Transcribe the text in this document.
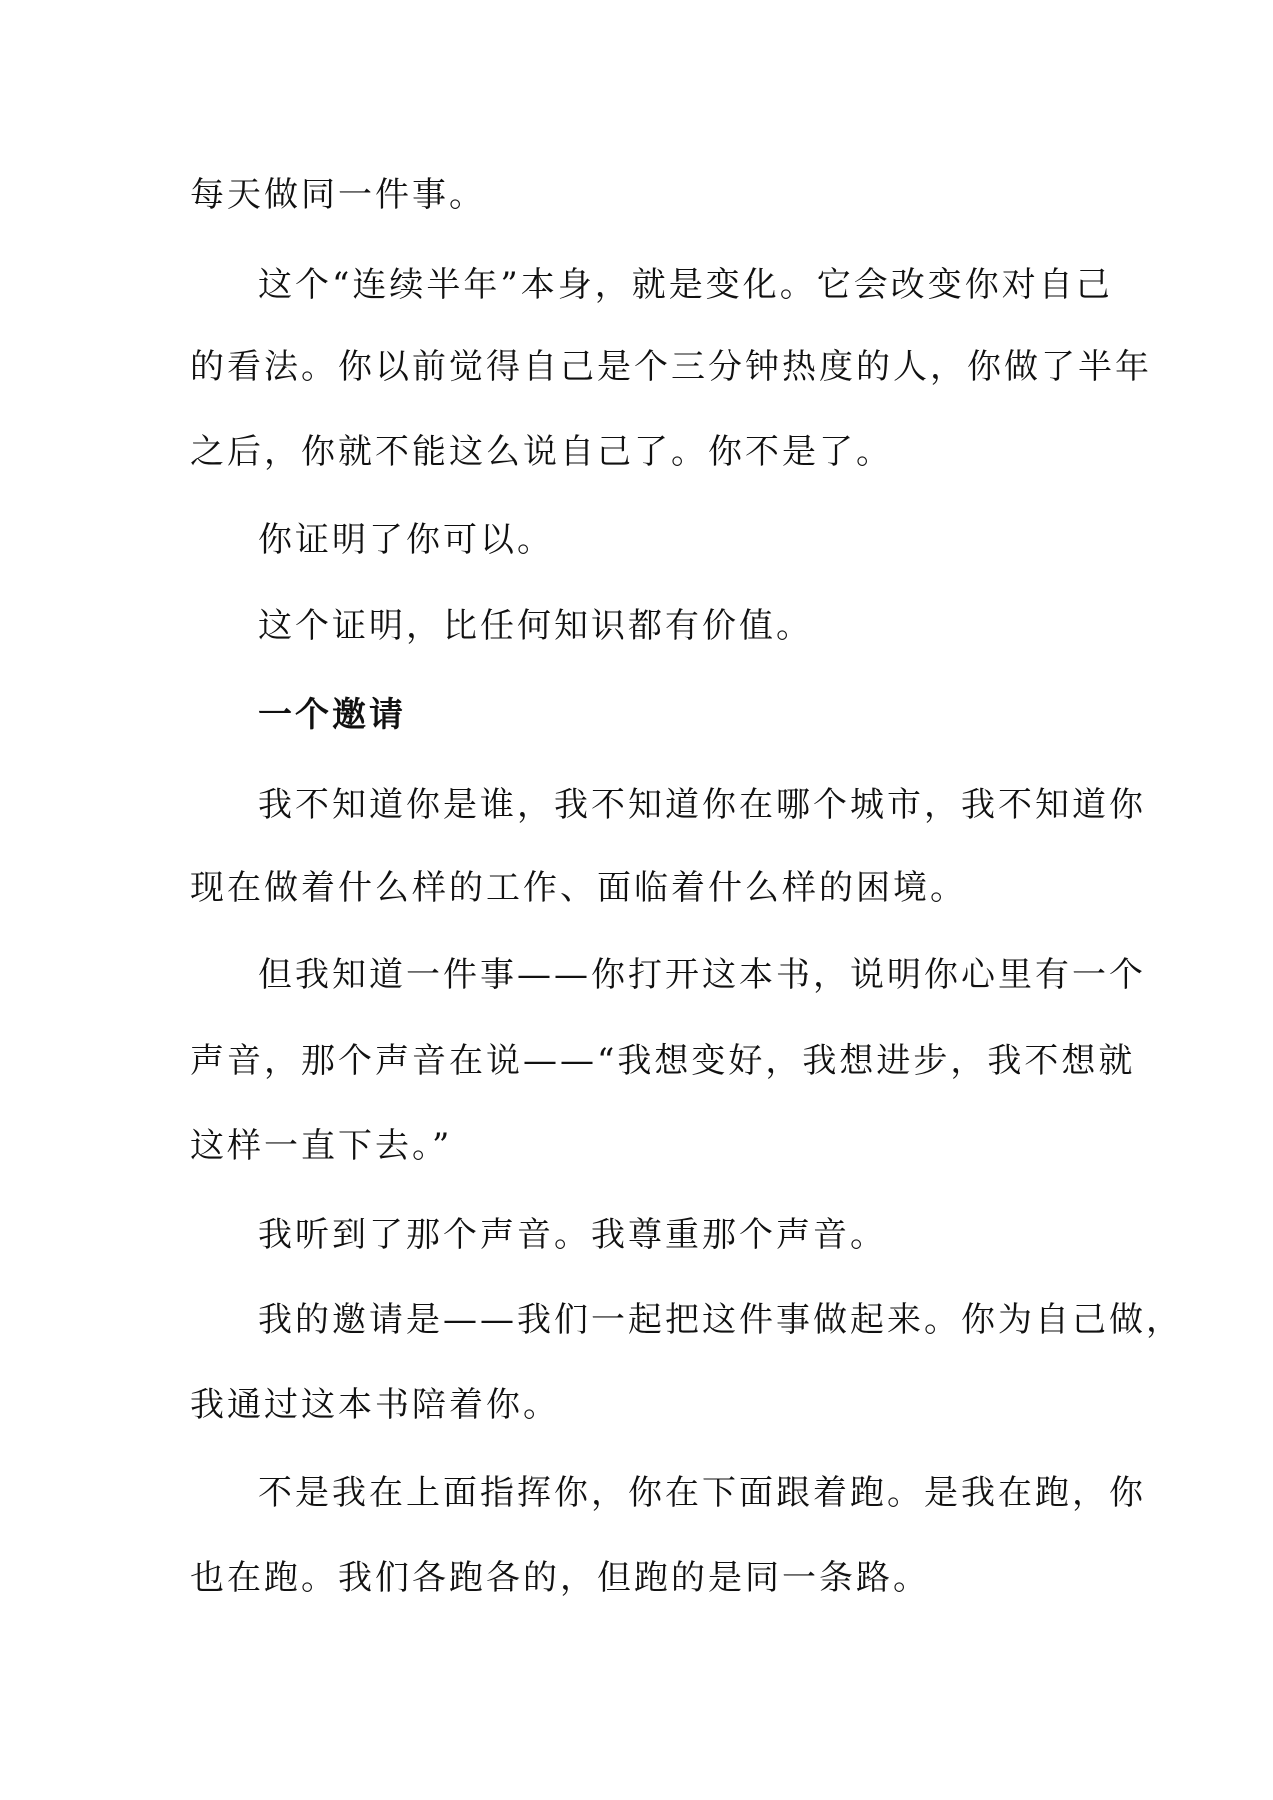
每天做同一件事。
这个“连续半年”本身，就是变化。它会改变你对自己
的看法。你以前觉得自己是个三分钟热度的人，你做了半年
之后，你就不能这么说自己了。你不是了。
你证明了你可以。
这个证明，比任何知识都有价值。
一个邀请
我不知道你是谁，我不知道你在哪个城市，我不知道你
现在做着什么样的工作、面临着什么样的困境。
但我知道一件事——你打开这本书，说明你心里有一个
声音，那个声音在说——“我想变好，我想进步，我不想就
这样一直下去。”
我听到了那个声音。我尊重那个声音。
我的邀请是——我们一起把这件事做起来。你为自己做，
我通过这本书陪着你。
不是我在上面指挥你，你在下面跟着跑。是我在跑，你
也在跑。我们各跑各的，但跑的是同一条路。
